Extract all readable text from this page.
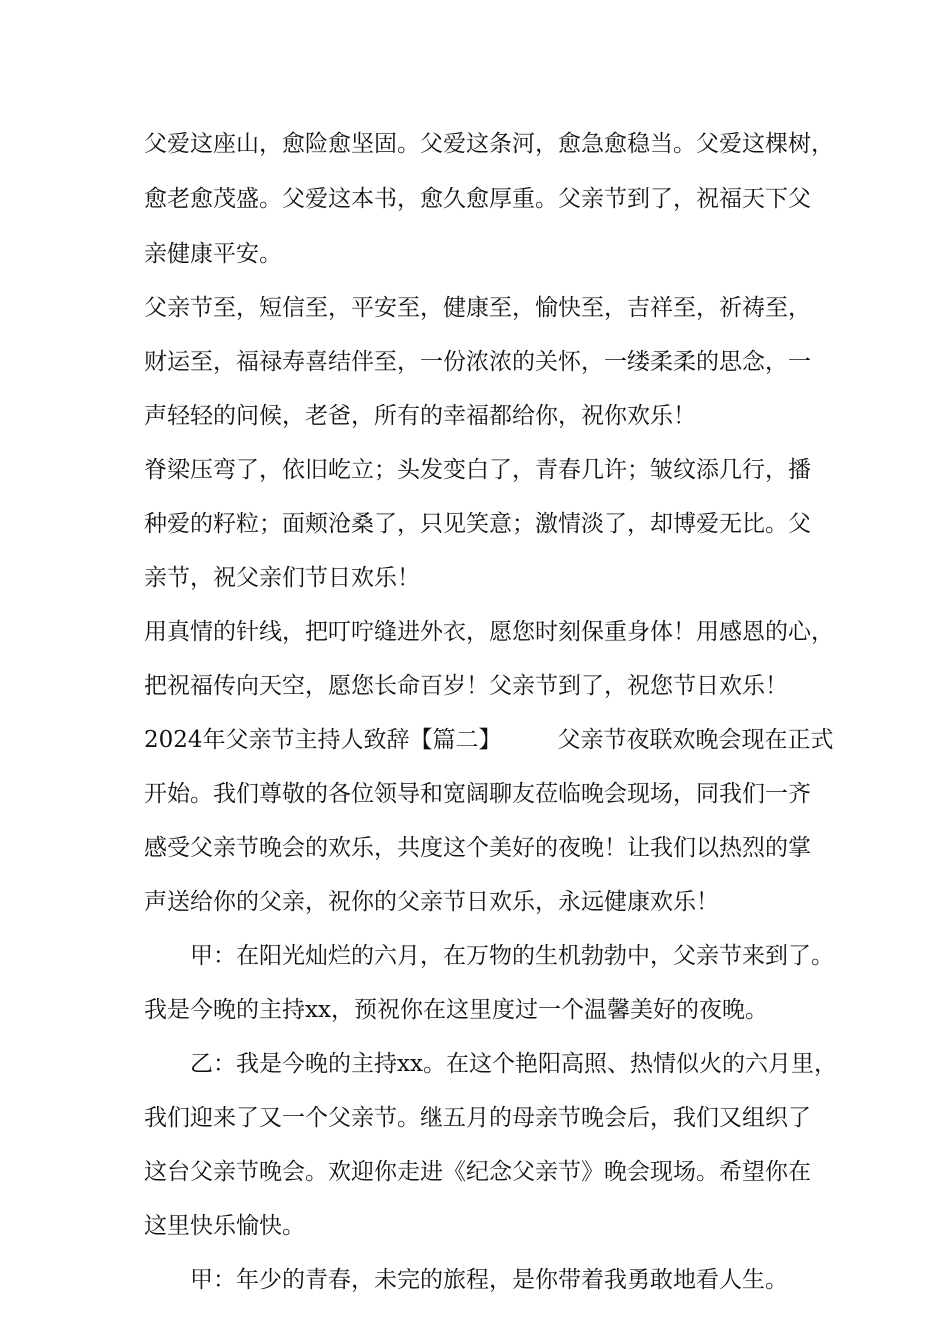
父爱这座山，愈险愈坚固。父爱这条河，愈急愈稳当。父爱这棵树，
愈老愈茂盛。父爱这本书，愈久愈厚重。父亲节到了，祝福天下父
亲健康平安。
父亲节至，短信至，平安至，健康至，愉快至，吉祥至，祈祷至，
财运至，福禄寿喜结伴至，一份浓浓的关怀，一缕柔柔的思念，一
声轻轻的问候，老爸，所有的幸福都给你，祝你欢乐！
脊梁压弯了，依旧屹立；头发变白了，青春几许；皱纹添几行，播
种爱的籽粒；面颊沧桑了，只见笑意；激情淡了，却博爱无比。父
亲节，祝父亲们节日欢乐！
用真情的针线，把叮咛缝进外衣，愿您时刻保重身体！用感恩的心，
把祝福传向天空，愿您长命百岁！父亲节到了，祝您节日欢乐！
2024年父亲节主持人致辞【篇二】 父亲节夜联欢晚会现在正式
开始。我们尊敬的各位领导和宽阔聊友莅临晚会现场，同我们一齐
感受父亲节晚会的欢乐，共度这个美好的夜晚！让我们以热烈的掌
声送给你的父亲，祝你的父亲节日欢乐，永远健康欢乐！
甲：在阳光灿烂的六月，在万物的生机勃勃中，父亲节来到了。
我是今晚的主持xx，预祝你在这里度过一个温馨美好的夜晚。
乙：我是今晚的主持xx。在这个艳阳高照、热情似火的六月里，
我们迎来了又一个父亲节。继五月的母亲节晚会后，我们又组织了
这台父亲节晚会。欢迎你走进《纪念父亲节》晚会现场。希望你在
这里快乐愉快。
甲：年少的青春，未完的旅程，是你带着我勇敢地看人生。
